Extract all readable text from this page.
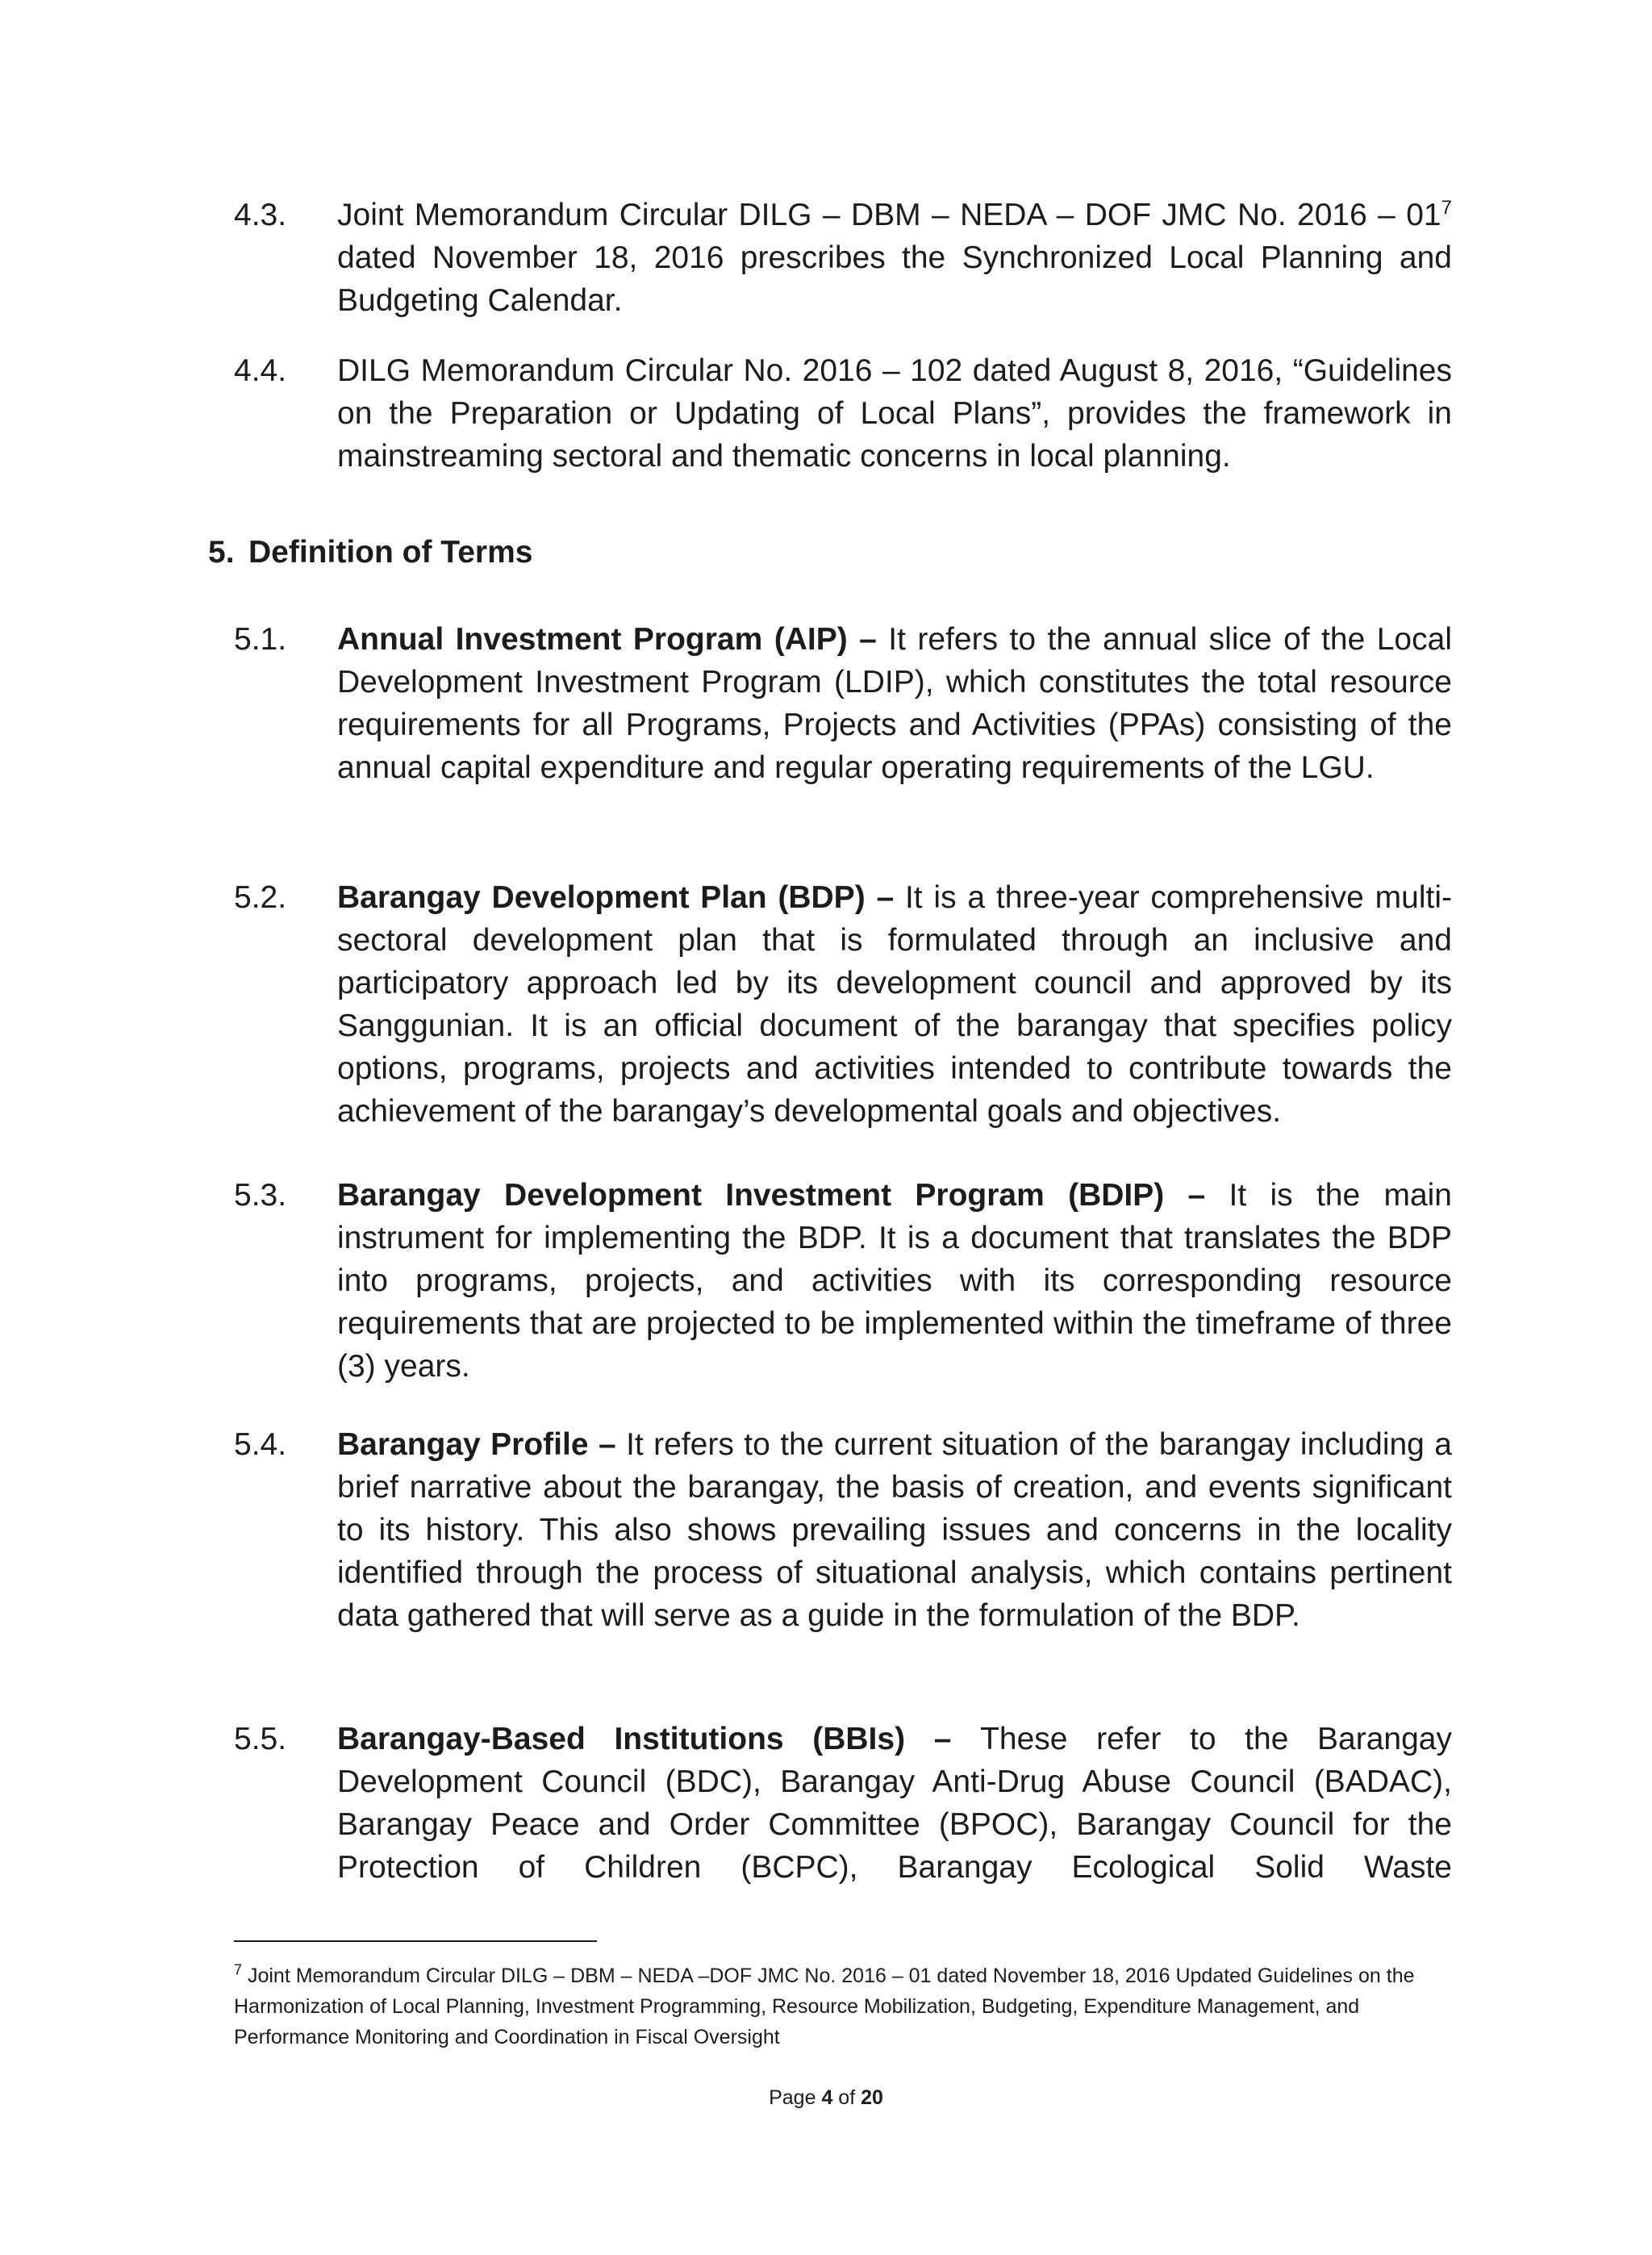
4.3. Joint Memorandum Circular DILG – DBM – NEDA – DOF JMC No. $2016 - 01^7$ dated November 18, 2016 prescribes the Synchronized Local Planning and Budgeting Calendar.
4.4. DILG Memorandum Circular No. 2016 – 102 dated August 8, 2016, “Guidelines on the Preparation or Updating of Local Plans”, provides the framework in mainstreaming sectoral and thematic concerns in local planning.
5. Definition of Terms
5.1. Annual Investment Program (AIP) – It refers to the annual slice of the Local Development Investment Program (LDIP), which constitutes the total resource requirements for all Programs, Projects and Activities (PPAs) consisting of the annual capital expenditure and regular operating requirements of the LGU.
5.2. Barangay Development Plan (BDP) – It is a three-year comprehensive multi-sectoral development plan that is formulated through an inclusive and participatory approach led by its development council and approved by its Sanggunian. It is an official document of the barangay that specifies policy options, programs, projects and activities intended to contribute towards the achievement of the barangay’s developmental goals and objectives.
5.3. Barangay Development Investment Program (BDIP) – It is the main instrument for implementing the BDP. It is a document that translates the BDP into programs, projects, and activities with its corresponding resource requirements that are projected to be implemented within the timeframe of three (3) years.
5.4. Barangay Profile – It refers to the current situation of the barangay including a brief narrative about the barangay, the basis of creation, and events significant to its history. This also shows prevailing issues and concerns in the locality identified through the process of situational analysis, which contains pertinent data gathered that will serve as a guide in the formulation of the BDP.
5.5. Barangay-Based Institutions (BBIs) – These refer to the Barangay Development Council (BDC), Barangay Anti-Drug Abuse Council (BADAC), Barangay Peace and Order Committee (BPOC), Barangay Council for the Protection of Children (BCPC), Barangay Ecological Solid Waste
$^7$ Joint Memorandum Circular DILG – DBM – NEDA –DOF JMC No. 2016 – 01 dated November 18, 2016 Updated Guidelines on the Harmonization of Local Planning, Investment Programming, Resource Mobilization, Budgeting, Expenditure Management, and Performance Monitoring and Coordination in Fiscal Oversight
Page 4 of 20
